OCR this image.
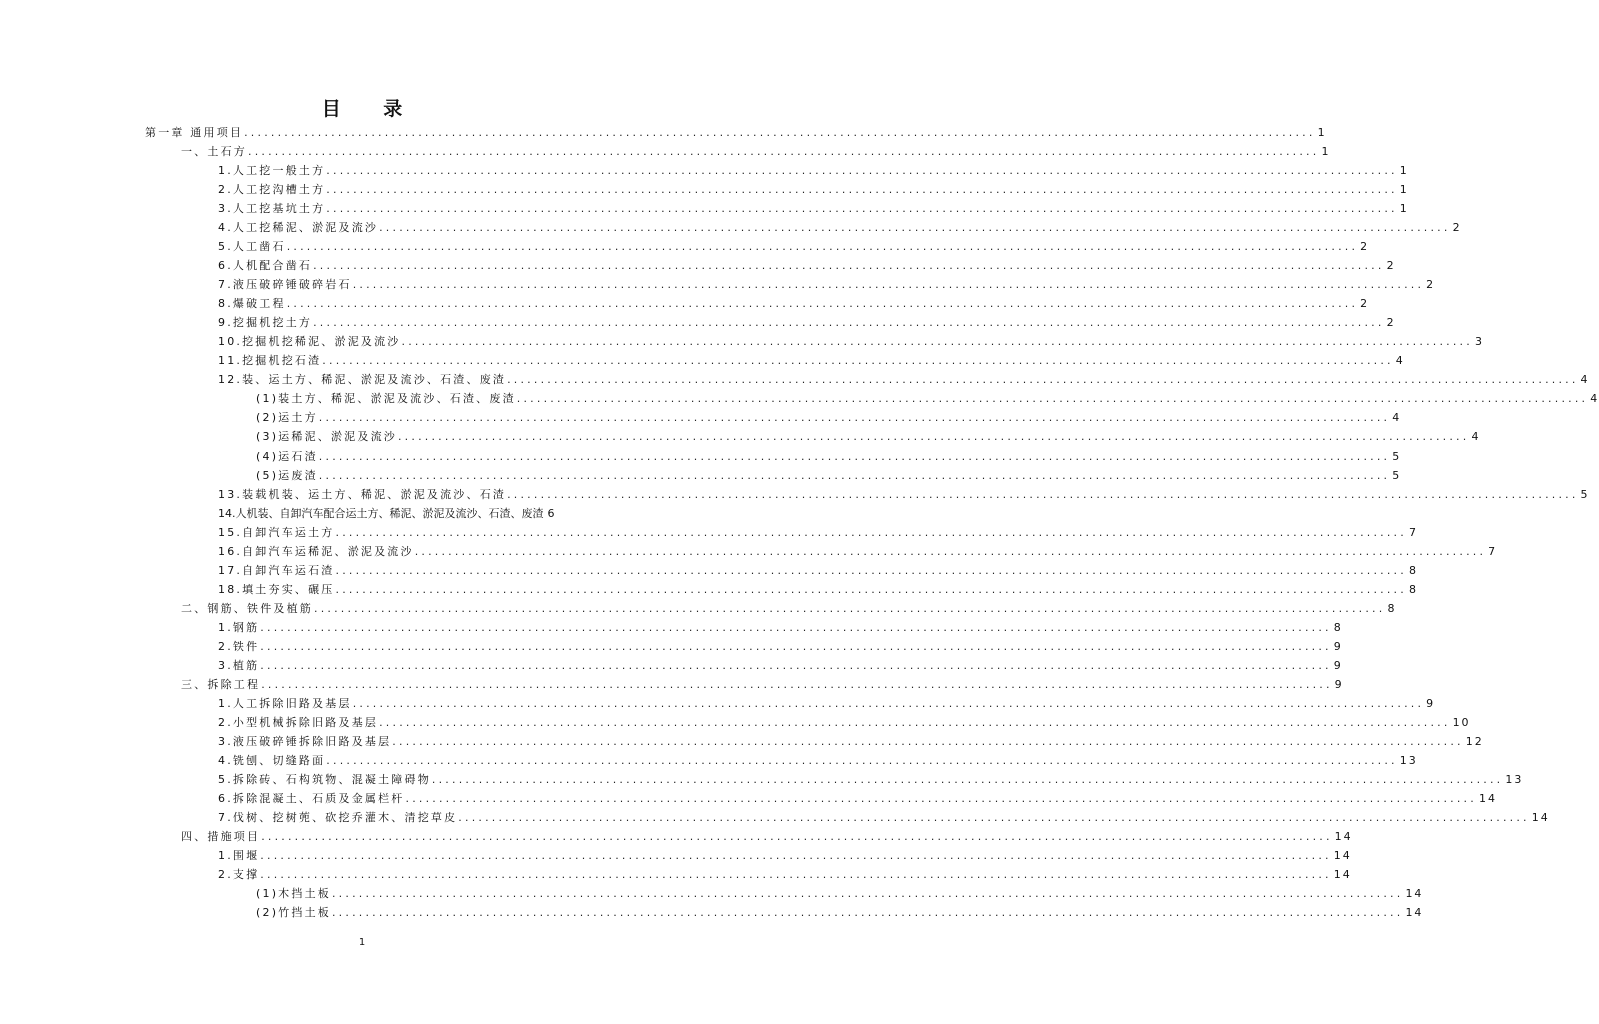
目 录
第一章 通用项目 ................................................................................................................................................................ 1
一、土石方 ................................................................................................................................................................ 1
1.人工挖一般土方 ................................................................................................................................................................ 1
2.人工挖沟槽土方 ................................................................................................................................................................ 1
3.人工挖基坑土方 ................................................................................................................................................................ 1
4.人工挖稀泥、淤泥及流沙 ................................................................................................................................................................ 2
5.人工凿石 ................................................................................................................................................................ 2
6.人机配合凿石 ................................................................................................................................................................ 2
7.液压破碎锤破碎岩石 ................................................................................................................................................................ 2
8.爆破工程 ................................................................................................................................................................ 2
9.挖掘机挖土方 ................................................................................................................................................................ 2
10.挖掘机挖稀泥、淤泥及流沙 ................................................................................................................................................................ 3
11.挖掘机挖石渣 ................................................................................................................................................................ 4
12.装、运土方、稀泥、淤泥及流沙、石渣、废渣 ................................................................................................................................................................ 4
(1)装土方、稀泥、淤泥及流沙、石渣、废渣 ................................................................................................................................................................ 4
(2)运土方 ................................................................................................................................................................ 4
(3)运稀泥、淤泥及流沙 ................................................................................................................................................................ 4
(4)运石渣 ................................................................................................................................................................ 5
(5)运废渣 ................................................................................................................................................................ 5
13.装载机装、运土方、稀泥、淤泥及流沙、石渣 ................................................................................................................................................................ 5
14.人机装、自卸汽车配合运土方、稀泥、淤泥及流沙、石渣、废渣 6
15.自卸汽车运土方 ................................................................................................................................................................ 7
16.自卸汽车运稀泥、淤泥及流沙 ................................................................................................................................................................ 7
17.自卸汽车运石渣 ................................................................................................................................................................ 8
18.填土夯实、碾压 ................................................................................................................................................................ 8
二、钢筋、铁件及植筋 ................................................................................................................................................................ 8
1.钢筋 ................................................................................................................................................................ 8
2.铁件 ................................................................................................................................................................ 9
3.植筋 ................................................................................................................................................................ 9
三、拆除工程 ................................................................................................................................................................ 9
1.人工拆除旧路及基层 ................................................................................................................................................................ 9
2.小型机械拆除旧路及基层 ................................................................................................................................................................ 10
3.液压破碎锤拆除旧路及基层 ................................................................................................................................................................ 12
4.铣刨、切缝路面 ................................................................................................................................................................ 13
5.拆除砖、石构筑物、混凝土障碍物 ................................................................................................................................................................ 13
6.拆除混凝土、石质及金属栏杆 ................................................................................................................................................................ 14
7.伐树、挖树蔸、砍挖乔灌木、清挖草皮 ................................................................................................................................................................ 14
四、措施项目 ................................................................................................................................................................ 14
1.围堰 ................................................................................................................................................................ 14
2.支撑 ................................................................................................................................................................ 14
(1)木挡土板 ................................................................................................................................................................ 14
(2)竹挡土板 ................................................................................................................................................................ 14
1
